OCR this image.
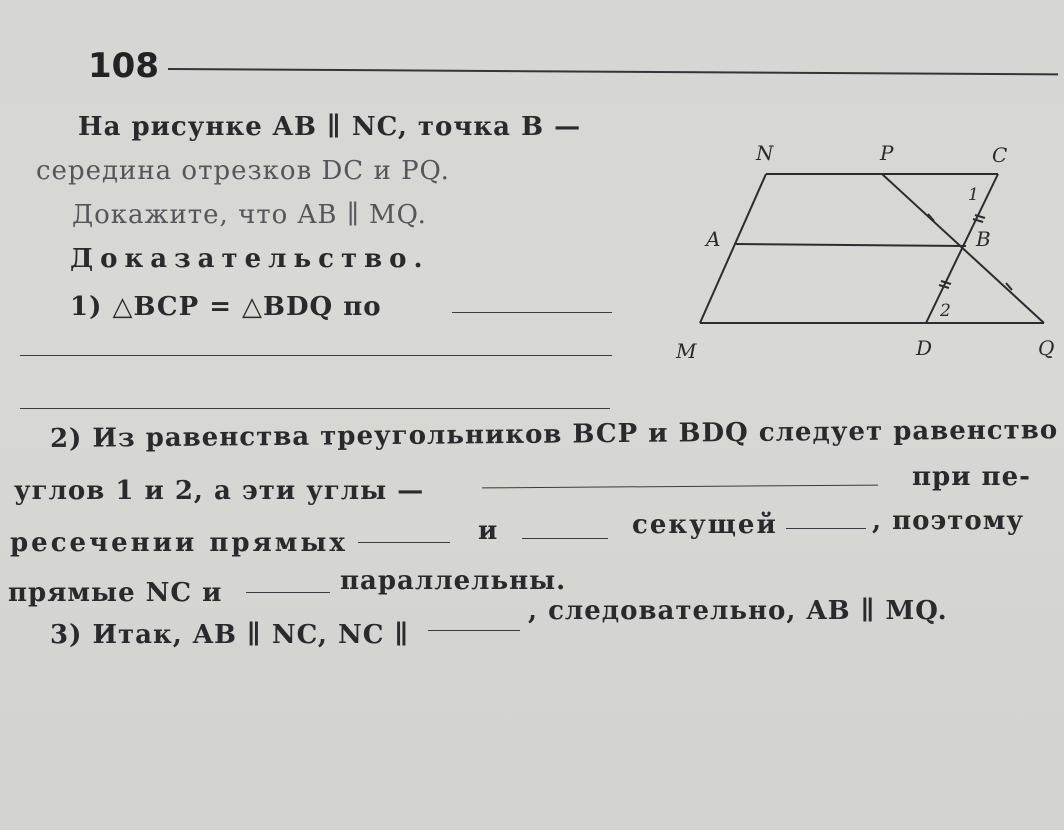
108
На рисунке AB ∥ NC, точка B —
середина отрезков DC и PQ.
Докажите, что AB ∥ MQ.
Доказательство.
1) △BCP = △BDQ по
2) Из равенства треугольников BCP и BDQ следует равенство
углов 1 и 2, а эти углы —	при пе-
ресечении прямых	и	секущей	, поэтому
прямые NC и	параллельны.
3) Итак, AB ∥ NC, NC ∥
, следовательно, AB ∥ MQ.
N	P	C
A	B
M	D	Q
1
2
